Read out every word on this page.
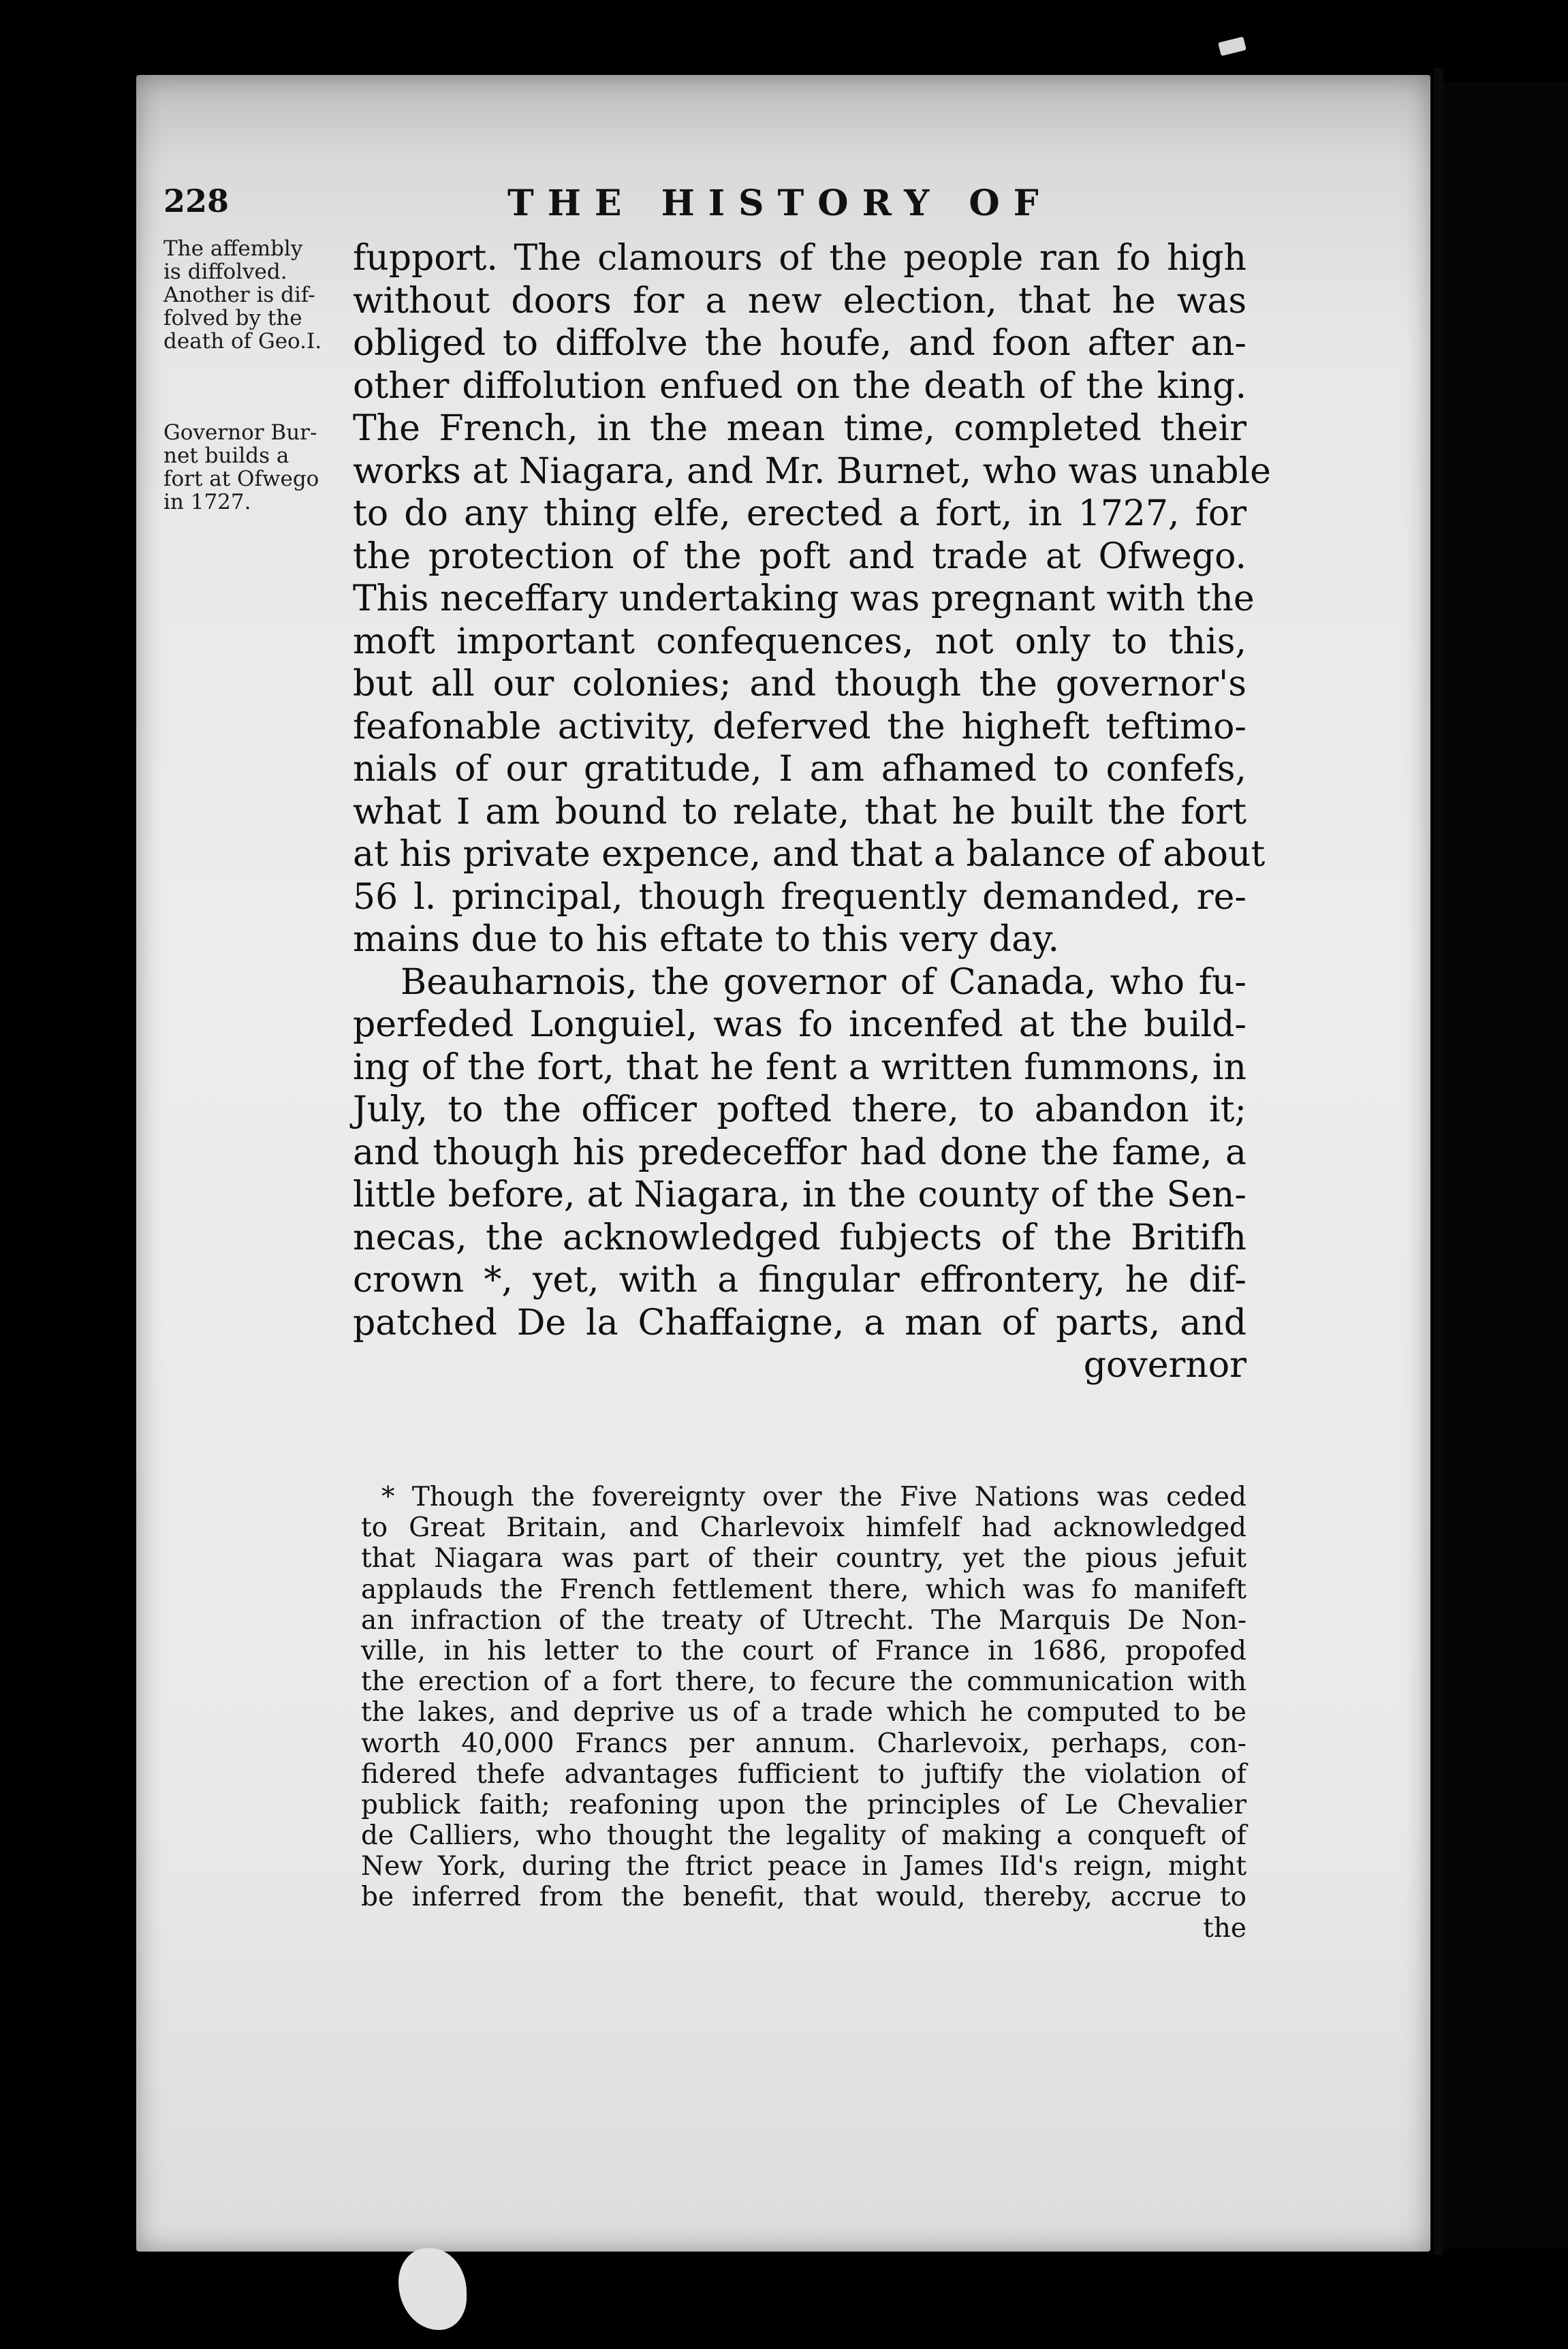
228	THE HISTORY OF
The affembly
is diffolved.
Another is dif-
folved by the
death of Geo.I.
Governor Bur-
net builds a
fort at Ofwego
in 1727.
fupport. The clamours of the people ran fo high
without doors for a new election, that he was
obliged to diffolve the houfe, and foon after an-
other diffolution enfued on the death of the king.
The French, in the mean time, completed their
works at Niagara, and Mr. Burnet, who was unable
to do any thing elfe, erected a fort, in 1727, for
the protection of the poft and trade at Ofwego.
This neceffary undertaking was pregnant with the
moft important confequences, not only to this,
but all our colonies; and though the governor's
feafonable activity, deferved the higheft teftimo-
nials of our gratitude, I am afhamed to confefs,
what I am bound to relate, that he built the fort
at his private expence, and that a balance of about
56 l. principal, though frequently demanded, re-
mains due to his eftate to this very day.
Beauharnois, the governor of Canada, who fu-
perfeded Longuiel, was fo incenfed at the build-
ing of the fort, that he fent a written fummons, in
July, to the officer pofted there, to abandon it;
and though his predeceffor had done the fame, a
little before, at Niagara, in the county of the Sen-
necas, the acknowledged fubjects of the Britifh
crown *, yet, with a fingular effrontery, he dif-
patched De la Chaffaigne, a man of parts, and
governor
* Though the fovereignty over the Five Nations was ceded
to Great Britain, and Charlevoix himfelf had acknowledged
that Niagara was part of their country, yet the pious jefuit
applauds the French fettlement there, which was fo manifeft
an infraction of the treaty of Utrecht. The Marquis De Non-
ville, in his letter to the court of France in 1686, propofed
the erection of a fort there, to fecure the communication with
the lakes, and deprive us of a trade which he computed to be
worth 40,000 Francs per annum. Charlevoix, perhaps, con-
fidered thefe advantages fufficient to juftify the violation of
publick faith; reafoning upon the principles of Le Chevalier
de Calliers, who thought the legality of making a conqueft of
New York, during the ftrict peace in James IId's reign, might
be inferred from the benefit, that would, thereby, accrue to
the
